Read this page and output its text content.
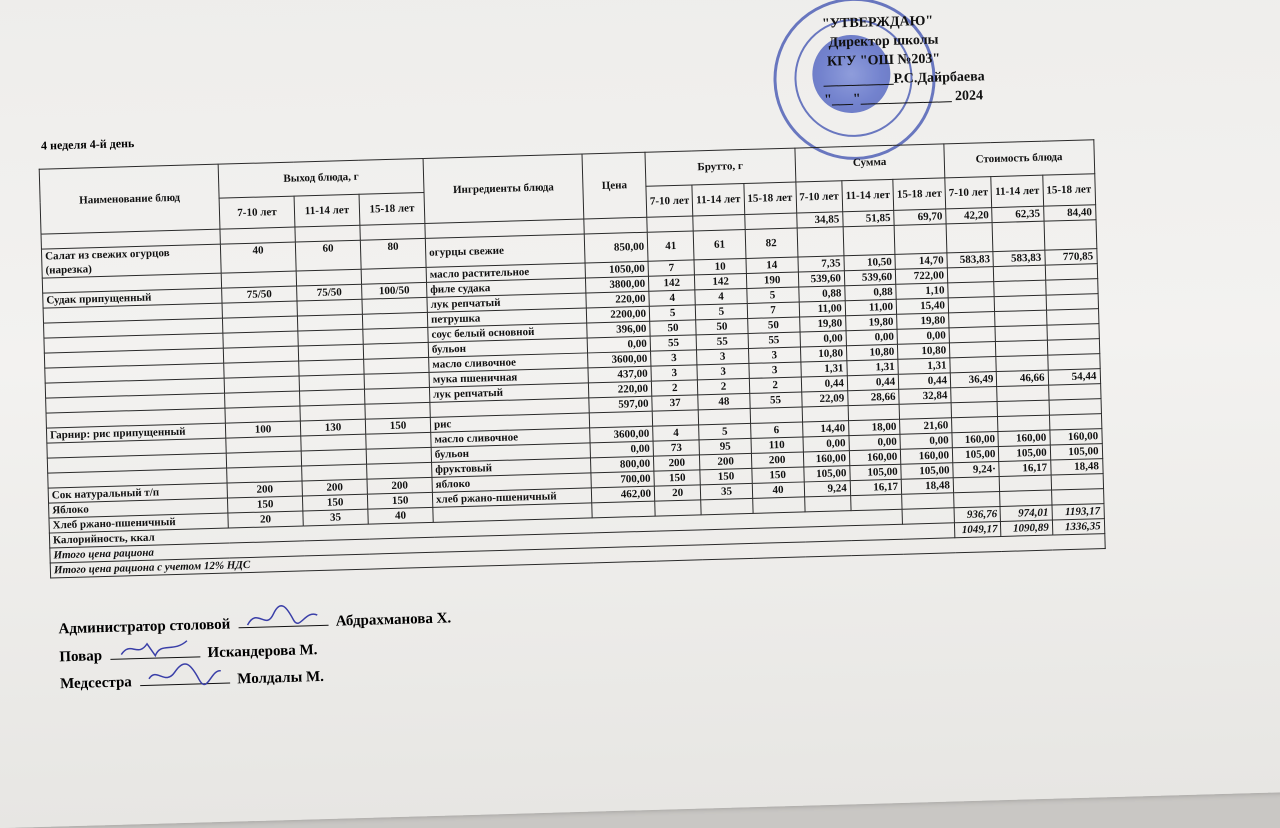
"УТВЕРЖДАЮ"
Директор школы
КГУ "ОШ №203"
__________Р.С.Дайрбаева
"___"_____________ 2024
4 неделя 4-й день
Наименование блюд	Выход блюда, г			Ингредиенты блюда	Цена	Брутто, г			Сумма			Стоимость блюда		
	7-10 лет	11-14 лет	15-18 лет			7-10 лет	11-14 лет	15-18 лет	7-10 лет	11-14 лет	15-18 лет	7-10 лет	11-14 лет	15-18 лет
									34,85	51,85	69,70	42,20	62,35	84,40
Салат из свежих огурцов (нарезка)	40	60	80	огурцы свежие	850,00	41	61	82						
				масло растительное	1050,00	7	10	14	7,35	10,50	14,70	583,83	583,83	770,85
Судак припущенный	75/50	75/50	100/50	филе судака	3800,00	142	142	190	539,60	539,60	722,00			
				лук репчатый	220,00	4	4	5	0,88	0,88	1,10			
				петрушка	2200,00	5	5	7	11,00	11,00	15,40			
				соус белый основной	396,00	50	50	50	19,80	19,80	19,80			
				бульон	0,00	55	55	55	0,00	0,00	0,00			
				масло сливочное	3600,00	3	3	3	10,80	10,80	10,80			
				мука пшеничная	437,00	3	3	3	1,31	1,31	1,31			
				лук репчатый	220,00	2	2	2	0,44	0,44	0,44	36,49	46,66	54,44
					597,00	37	48	55	22,09	28,66	32,84			
Гарнир: рис припущенный	100	130	150	рис										
				масло сливочное	3600,00	4	5	6	14,40	18,00	21,60			
				бульон	0,00	73	95	110	0,00	0,00	0,00	160,00	160,00	160,00
				фруктовый	800,00	200	200	200	160,00	160,00	160,00	105,00	105,00	105,00
Сок натуральный т/п	200	200	200	яблоко	700,00	150	150	150	105,00	105,00	105,00	9,24·	16,17	18,48
Яблоко	150	150	150	хлеб ржано-пшеничный	462,00	20	35	40	9,24	16,17	18,48			
Хлеб ржано-пшеничный	20	35	40											
Калорийность, ккал												936,76	974,01	1193,17
Итого цена рациона												1049,17	1090,89	1336,35
Итого цена рациона с учетом 12% НДС														
Администратор столовой	Абдрахманова Х.
Повар	Искандерова М.
Медсестра	Молдалы М.
